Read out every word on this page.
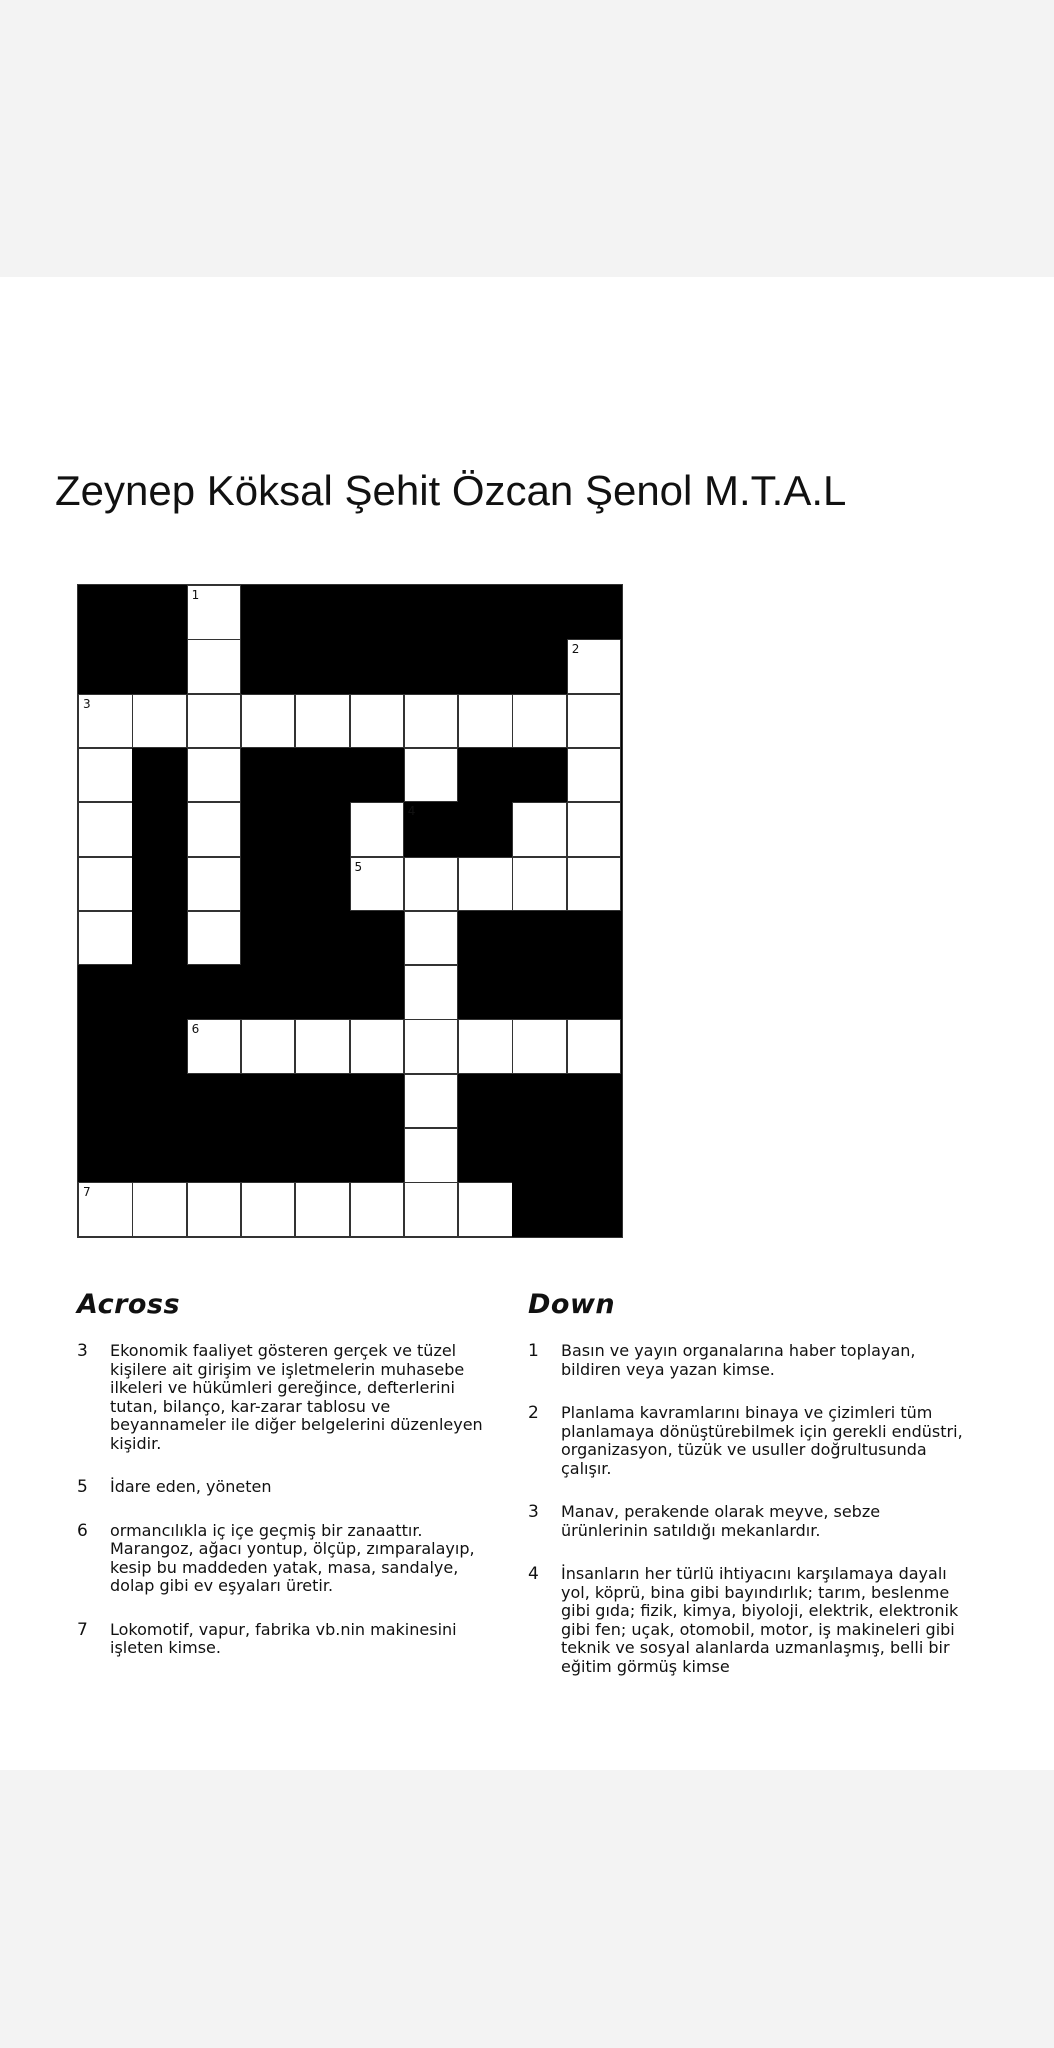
Zeynep Köksal Şehit Özcan Şenol M.T.A.L
1
2
3
4
5
6
7
Across
3	Ekonomik faaliyet gösteren gerçek ve tüzel kişilere ait girişim ve işletmelerin muhasebe ilkeleri ve hükümleri gereğince, defterlerini tutan, bilanço, kar-zarar tablosu ve beyannameler ile diğer belgelerini düzenleyen kişidir.
5	İdare eden, yöneten
6	ormancılıkla iç içe geçmiş bir zanaattır. Marangoz, ağacı yontup, ölçüp, zımparalayıp, kesip bu maddeden yatak, masa, sandalye, dolap gibi ev eşyaları üretir.
7	Lokomotif, vapur, fabrika vb.nin makinesini işleten kimse.
Down
1	Basın ve yayın organalarına haber toplayan, bildiren veya yazan kimse.
2	Planlama kavramlarını binaya ve çizimleri tüm planlamaya dönüştürebilmek için gerekli endüstri, organizasyon, tüzük ve usuller doğrultusunda çalışır.
3	Manav, perakende olarak meyve, sebze ürünlerinin satıldığı mekanlardır.
4	İnsanların her türlü ihtiyacını karşılamaya dayalı yol, köprü, bina gibi bayındırlık; tarım, beslenme gibi gıda; fizik, kimya, biyoloji, elektrik, elektronik gibi fen; uçak, otomobil, motor, iş makineleri gibi teknik ve sosyal alanlarda uzmanlaşmış, belli bir eğitim görmüş kimse
